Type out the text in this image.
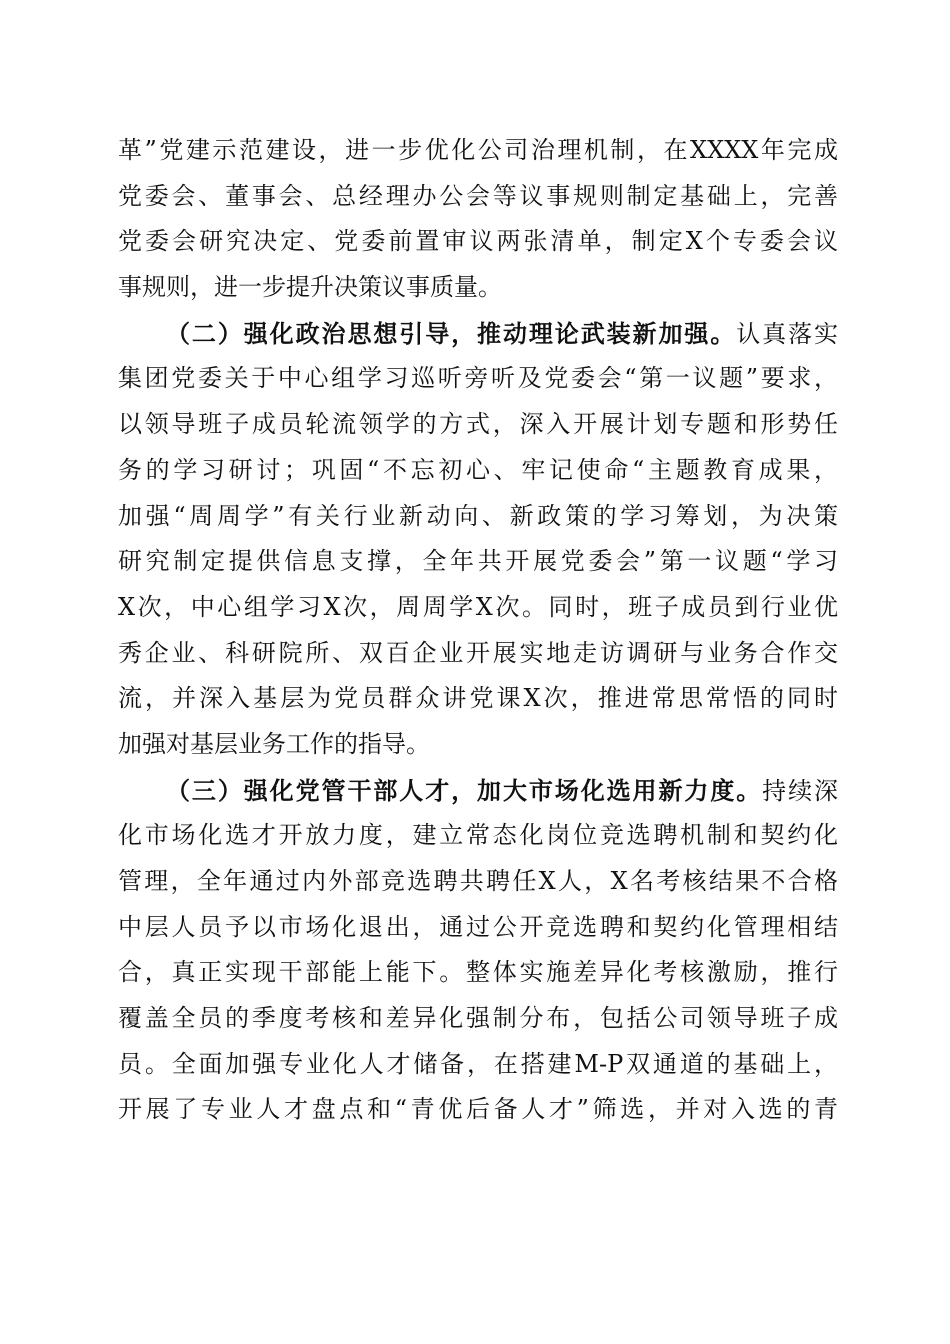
革”党建示范建设，进一步优化公司治理机制，在XXXX年完成
党委会、董事会、总经理办公会等议事规则制定基础上，完善
党委会研究决定、党委前置审议两张清单，制定X个专委会议
事规则，进一步提升决策议事质量。
（二）强化政治思想引导，推动理论武装新加强。认真落实
集团党委关于中心组学习巡听旁听及党委会“第一议题”要求，
以领导班子成员轮流领学的方式，深入开展计划专题和形势任
务的学习研讨；巩固“不忘初心、牢记使命“主题教育成果，
加强“周周学”有关行业新动向、新政策的学习筹划，为决策
研究制定提供信息支撑，全年共开展党委会”第一议题“学习
X次，中心组学习X次，周周学X次。同时，班子成员到行业优
秀企业、科研院所、双百企业开展实地走访调研与业务合作交
流，并深入基层为党员群众讲党课X次，推进常思常悟的同时
加强对基层业务工作的指导。
（三）强化党管干部人才，加大市场化选用新力度。持续深
化市场化选才开放力度，建立常态化岗位竞选聘机制和契约化
管理，全年通过内外部竞选聘共聘任X人，X名考核结果不合格
中层人员予以市场化退出，通过公开竞选聘和契约化管理相结
合，真正实现干部能上能下。整体实施差异化考核激励，推行
覆盖全员的季度考核和差异化强制分布，包括公司领导班子成
员。全面加强专业化人才储备，在搭建M-P双通道的基础上，
开展了专业人才盘点和“青优后备人才”筛选，并对入选的青
